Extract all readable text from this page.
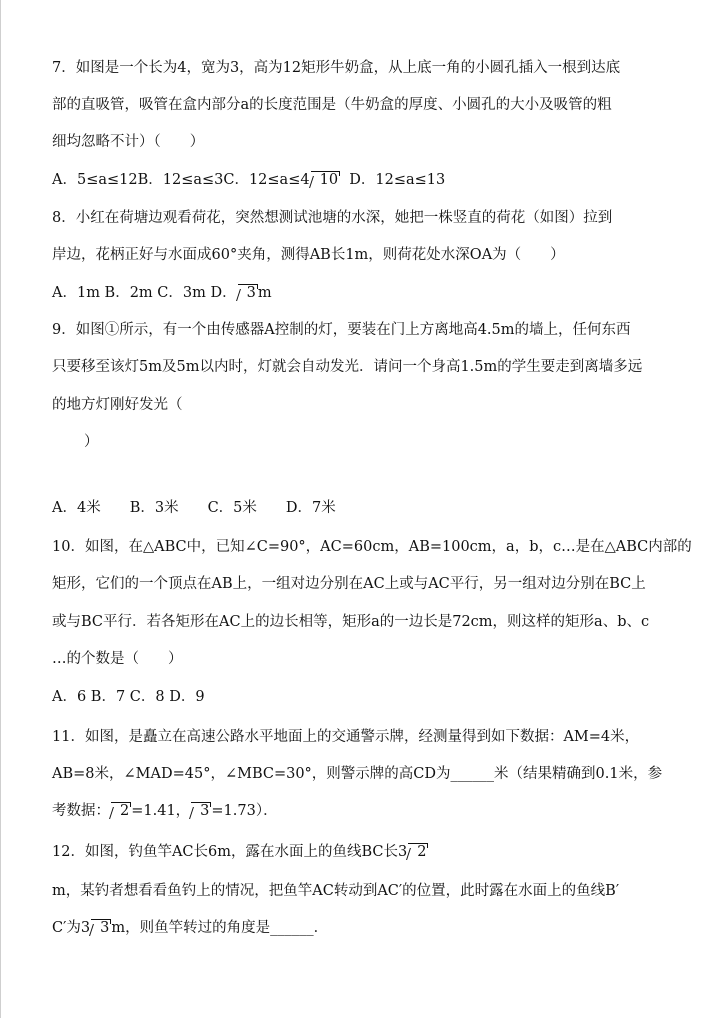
7．如图是一个长为4，宽为3，高为12矩形牛奶盒，从上底一角的小圆孔插入一根到达底
部的直吸管，吸管在盒内部分a的长度范围是（牛奶盒的厚度、小圆孔的大小及吸管的粗
细均忽略不计）（　　）
A．5≤a≤12B．12≤a≤3C．12≤a≤4 10 D．12≤a≤13
8．小红在荷塘边观看荷花，突然想测试池塘的水深，她把一株竖直的荷花（如图）拉到
岸边，花柄正好与水面成60°夹角，测得AB长1m，则荷花处水深OA为（　　）
A．1m B．2m C．3m D． 3 m
9．如图①所示，有一个由传感器A控制的灯，要装在门上方离地高4.5m的墙上，任何东西
只要移至该灯5m及5m以内时，灯就会自动发光．请问一个身高1.5m的学生要走到离墙多远
的地方灯刚好发光（
）
A．4米　　B．3米　　C．5米　　D．7米
10．如图，在△ABC中，已知∠C=90°，AC=60cm，AB=100cm，a，b，c…是在△ABC内部的
矩形，它们的一个顶点在AB上，一组对边分别在AC上或与AC平行，另一组对边分别在BC上
或与BC平行．若各矩形在AC上的边长相等，矩形a的一边长是72cm，则这样的矩形a、b、c
…的个数是（　　）
A．6 B．7 C．8 D．9
11．如图，是矗立在高速公路水平地面上的交通警示牌，经测量得到如下数据：AM=4米，
AB=8米，∠MAD=45°，∠MBC=30°，则警示牌的高CD为______米（结果精确到0.1米，参
考数据： 2 =1.41， 3 =1.73）．
12．如图，钓鱼竿AC长6m，露在水面上的鱼线BC长3 2
m，某钓者想看看鱼钓上的情况，把鱼竿AC转动到AC′的位置，此时露在水面上的鱼线B′
C′为3 3 m，则鱼竿转过的角度是______．
